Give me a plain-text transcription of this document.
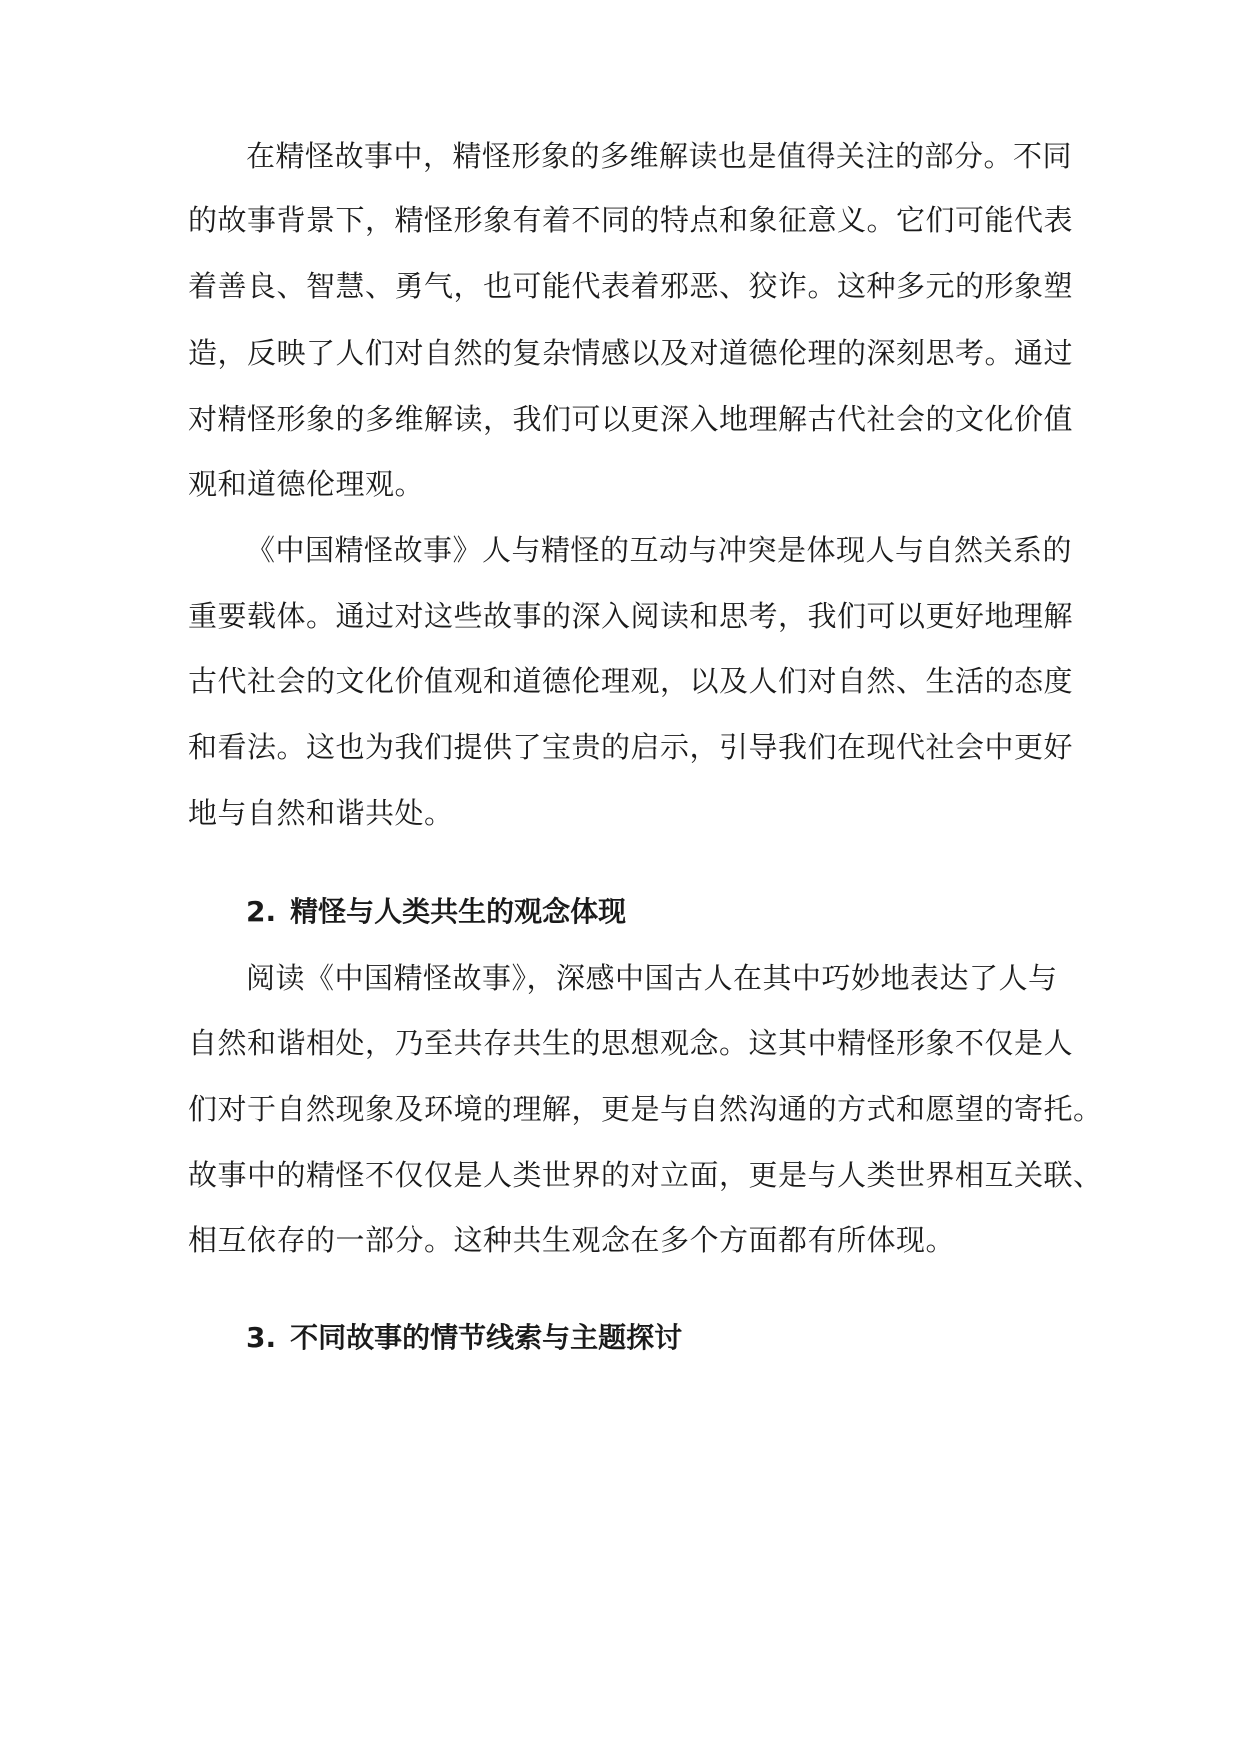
在精怪故事中，精怪形象的多维解读也是值得关注的部分。不同

的故事背景下，精怪形象有着不同的特点和象征意义。它们可能代表

着善良、智慧、勇气，也可能代表着邪恶、狡诈。这种多元的形象塑

造，反映了人们对自然的复杂情感以及对道德伦理的深刻思考。通过

对精怪形象的多维解读，我们可以更深入地理解古代社会的文化价值

观和道德伦理观。

《中国精怪故事》人与精怪的互动与冲突是体现人与自然关系的

重要载体。通过对这些故事的深入阅读和思考，我们可以更好地理解

古代社会的文化价值观和道德伦理观，以及人们对自然、生活的态度

和看法。这也为我们提供了宝贵的启示，引导我们在现代社会中更好

地与自然和谐共处。

2. 精怪与人类共生的观念体现

阅读《中国精怪故事》，深感中国古人在其中巧妙地表达了人与

自然和谐相处，乃至共存共生的思想观念。这其中精怪形象不仅是人

们对于自然现象及环境的理解，更是与自然沟通的方式和愿望的寄托。

故事中的精怪不仅仅是人类世界的对立面，更是与人类世界相互关联、

相互依存的一部分。这种共生观念在多个方面都有所体现。

3. 不同故事的情节线索与主题探讨
